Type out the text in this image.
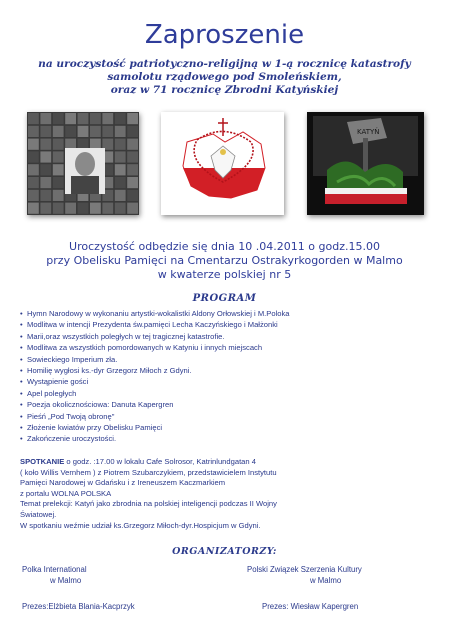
Zaproszenie
na uroczystość patriotyczno-religijną w 1-ą rocznicę katastrofy
samolotu rządowego pod Smoleńskiem,
oraz w 71 rocznicę Zbrodni Katyńskiej
KATYŃ
Uroczystość odbędzie się dnia 10 .04.2011 o godz.15.00
przy Obelisku Pamięci na Cmentarzu Ostrakyrkogorden w Malmo
w kwaterze polskiej nr 5
PROGRAM
• Hymn Narodowy w wykonaniu artystki-wokalistki Aldony Orłowskiej i M.Poloka
• Modlitwa w intencji Prezydenta św.pamięci Lecha Kaczyńskiego i Małżonki
• Marii,oraz wszystkich poległych w tej tragicznej katastrofie.
• Modlitwa za wszystkich pomordowanych w Katyniu i innych miejscach
• Sowieckiego Imperium zła.
• Homilię wygłosi ks.-dyr Grzegorz Miłoch z Gdyni.
• Wystąpienie gości
• Apel poległych
• Poezja okolicznościowa: Danuta Kapergren
• Pieśń „Pod Twoją obronę"
• Złożenie kwiatów przy Obelisku Pamięci
• Zakończenie uroczystości.
SPOTKANIE o godz. :17.00 w lokalu Cafe Solrosor, Katrinlundgatan 4
( koło Willis Vernhem ) z Piotrem Szubarczykiem, przedstawicielem Instytutu
Pamięci Narodowej w Gdańsku i z Ireneuszem Kaczmarkiem
z portalu WOLNA POLSKA
Temat prelekcji: Katyń jako zbrodnia na polskiej inteligencji podczas II Wojny
Światowej.
W spotkaniu weźmie udział ks.Grzegorz Miłoch-dyr.Hospicjum w Gdyni.
ORGANIZATORZY:
Polka International
w Malmo
Polski Związek Szerzenia Kultury
w Malmo
Prezes:Elżbieta Blania-Kacprzyk	Prezes: Wiesław Kapergren
